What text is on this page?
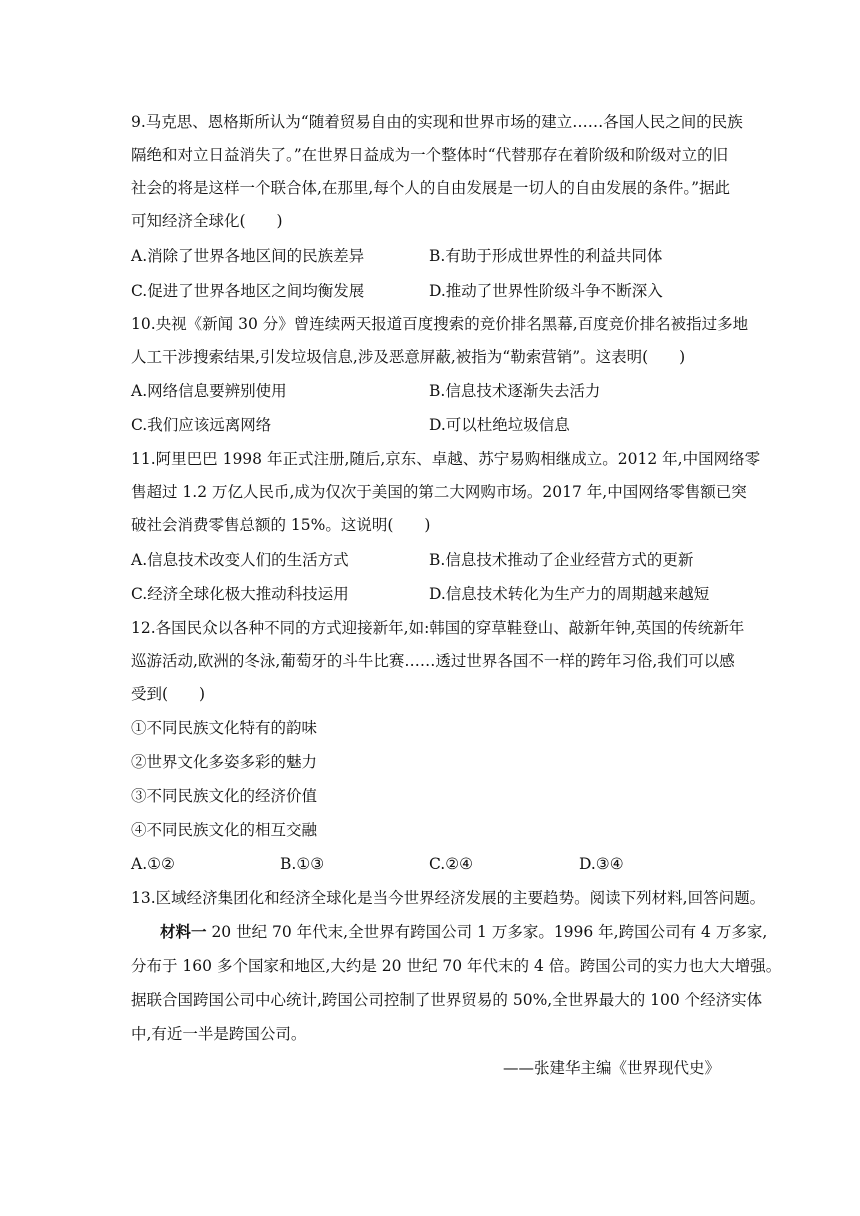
9.马克思、恩格斯所认为“随着贸易自由的实现和世界市场的建立……各国人民之间的民族
隔绝和对立日益消失了。”在世界日益成为一个整体时“代替那存在着阶级和阶级对立的旧
社会的将是这样一个联合体,在那里,每个人的自由发展是一切人的自由发展的条件。”据此
可知经济全球化(　　)
A.消除了世界各地区间的民族差异	B.有助于形成世界性的利益共同体
C.促进了世界各地区之间均衡发展	D.推动了世界性阶级斗争不断深入
10.央视《新闻 30 分》曾连续两天报道百度搜索的竞价排名黑幕,百度竞价排名被指过多地
人工干涉搜索结果,引发垃圾信息,涉及恶意屏蔽,被指为“勒索营销”。这表明(　　)
A.网络信息要辨别使用	B.信息技术逐渐失去活力
C.我们应该远离网络	D.可以杜绝垃圾信息
11.阿里巴巴 1998 年正式注册,随后,京东、卓越、苏宁易购相继成立。2012 年,中国网络零
售超过 1.2 万亿人民币,成为仅次于美国的第二大网购市场。2017 年,中国网络零售额已突
破社会消费零售总额的 15%。这说明(　　)
A.信息技术改变人们的生活方式	B.信息技术推动了企业经营方式的更新
C.经济全球化极大推动科技运用	D.信息技术转化为生产力的周期越来越短
12.各国民众以各种不同的方式迎接新年,如:韩国的穿草鞋登山、敲新年钟,英国的传统新年
巡游活动,欧洲的冬泳,葡萄牙的斗牛比赛……透过世界各国不一样的跨年习俗,我们可以感
受到(　　)
①不同民族文化特有的韵味
②世界文化多姿多彩的魅力
③不同民族文化的经济价值
④不同民族文化的相互交融
A.①②	B.①③	C.②④	D.③④
13.区域经济集团化和经济全球化是当今世界经济发展的主要趋势。阅读下列材料,回答问题。
材料一 20 世纪 70 年代末,全世界有跨国公司 1 万多家。1996 年,跨国公司有 4 万多家,
分布于 160 多个国家和地区,大约是 20 世纪 70 年代末的 4 倍。跨国公司的实力也大大增强。
据联合国跨国公司中心统计,跨国公司控制了世界贸易的 50%,全世界最大的 100 个经济实体
中,有近一半是跨国公司。
——张建华主编《世界现代史》
